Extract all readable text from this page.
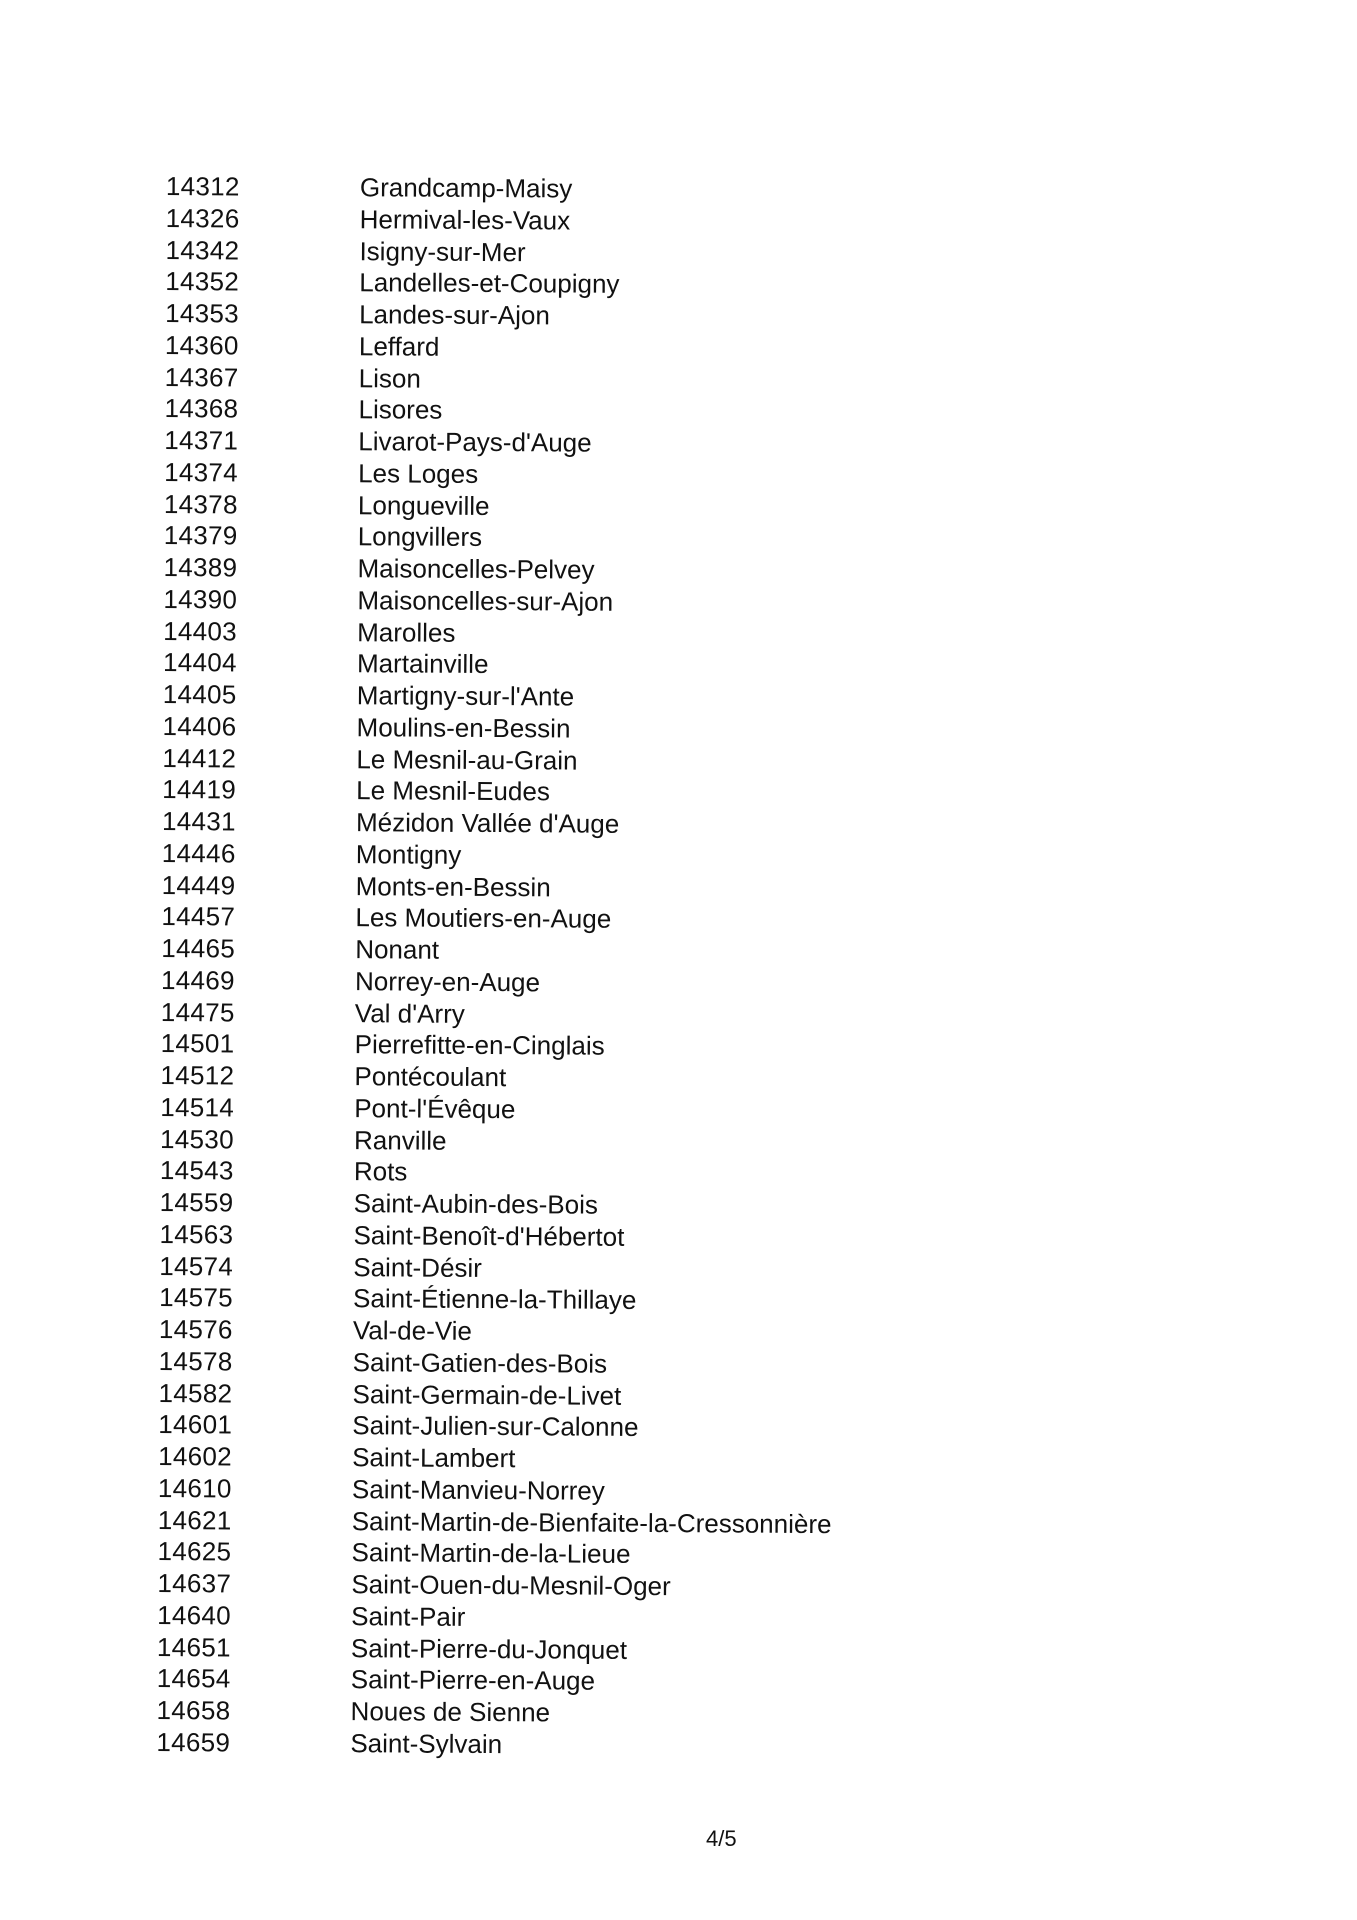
14312	Grandcamp-Maisy
14326	Hermival-les-Vaux
14342	Isigny-sur-Mer
14352	Landelles-et-Coupigny
14353	Landes-sur-Ajon
14360	Leffard
14367	Lison
14368	Lisores
14371	Livarot-Pays-d'Auge
14374	Les Loges
14378	Longueville
14379	Longvillers
14389	Maisoncelles-Pelvey
14390	Maisoncelles-sur-Ajon
14403	Marolles
14404	Martainville
14405	Martigny-sur-l'Ante
14406	Moulins-en-Bessin
14412	Le Mesnil-au-Grain
14419	Le Mesnil-Eudes
14431	Mézidon Vallée d'Auge
14446	Montigny
14449	Monts-en-Bessin
14457	Les Moutiers-en-Auge
14465	Nonant
14469	Norrey-en-Auge
14475	Val d'Arry
14501	Pierrefitte-en-Cinglais
14512	Pontécoulant
14514	Pont-l'Évêque
14530	Ranville
14543	Rots
14559	Saint-Aubin-des-Bois
14563	Saint-Benoît-d'Hébertot
14574	Saint-Désir
14575	Saint-Étienne-la-Thillaye
14576	Val-de-Vie
14578	Saint-Gatien-des-Bois
14582	Saint-Germain-de-Livet
14601	Saint-Julien-sur-Calonne
14602	Saint-Lambert
14610	Saint-Manvieu-Norrey
14621	Saint-Martin-de-Bienfaite-la-Cressonnière
14625	Saint-Martin-de-la-Lieue
14637	Saint-Ouen-du-Mesnil-Oger
14640	Saint-Pair
14651	Saint-Pierre-du-Jonquet
14654	Saint-Pierre-en-Auge
14658	Noues de Sienne
14659	Saint-Sylvain
4/5
